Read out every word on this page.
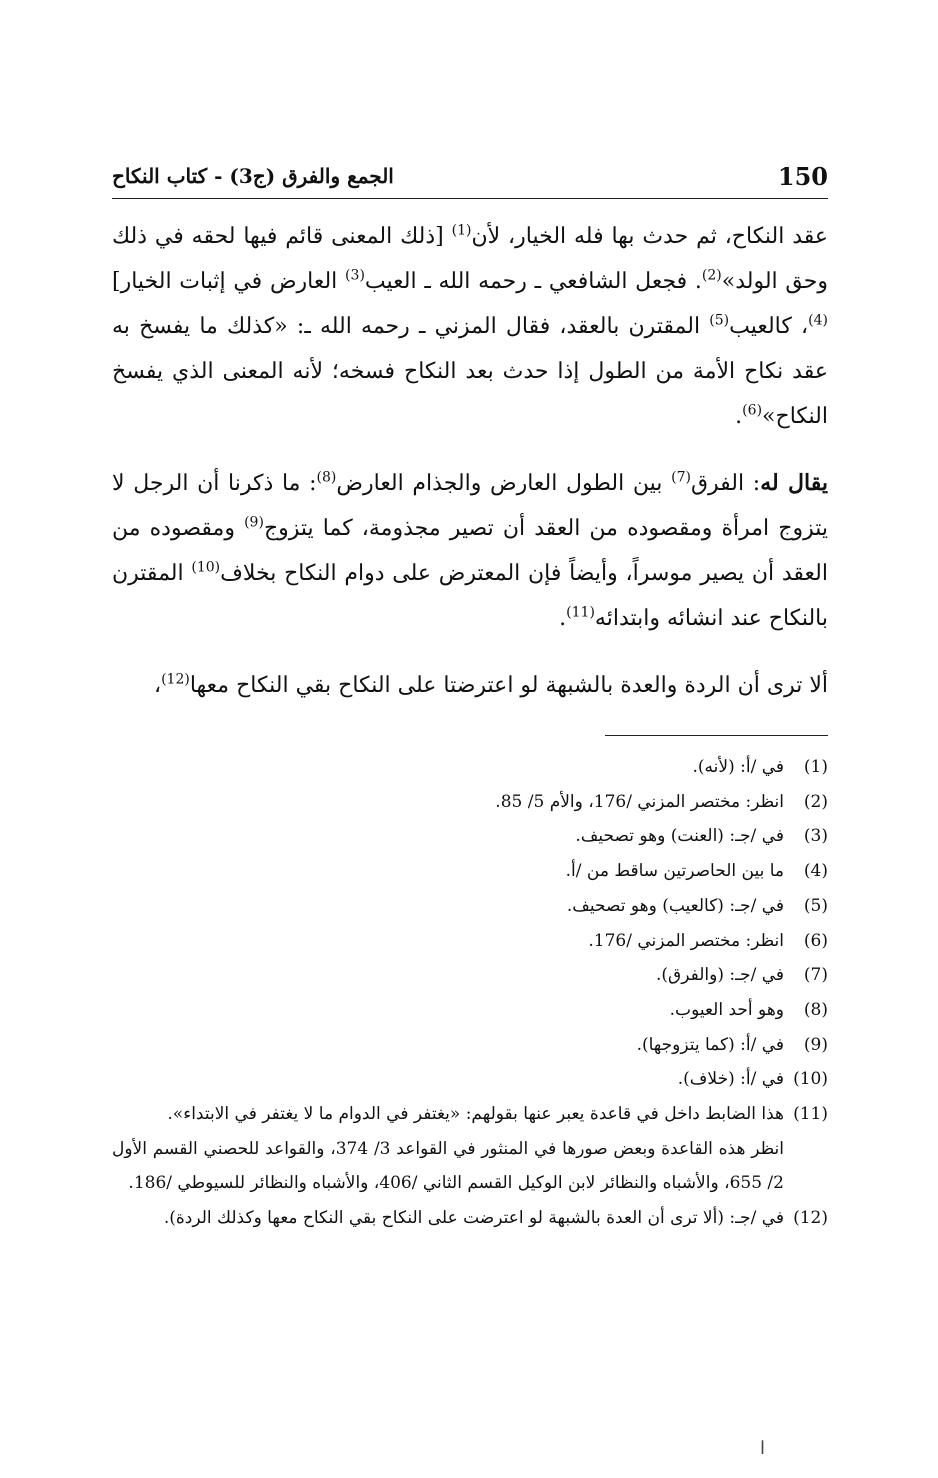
150
الجمع والفرق (ج3) - كتاب النكاح

عقد النكاح، ثم حدث بها فله الخيار، لأن$^{(1)}$ [ذلك المعنى قائم فيها لحقه في ذلك وحق الولد»$^{(2)}$. فجعل الشافعي ـ رحمه الله ـ العيب$^{(3)}$ العارض في إثبات الخيار]$^{(4)}$، كالعيب$^{(5)}$ المقترن بالعقد، فقال المزني ـ رحمه الله ـ: «كذلك ما يفسخ به عقد نكاح الأمة من الطول إذا حدث بعد النكاح فسخه؛ لأنه المعنى الذي يفسخ النكاح»$^{(6)}$.

يقال له: الفرق$^{(7)}$ بين الطول العارض والجذام العارض$^{(8)}$: ما ذكرنا أن الرجل لا يتزوج امرأة ومقصوده من العقد أن تصير مجذومة، كما يتزوج$^{(9)}$ ومقصوده من العقد أن يصير موسراً، وأيضاً فإن المعترض على دوام النكاح بخلاف$^{(10)}$ المقترن بالنكاح عند انشائه وابتدائه$^{(11)}$.

ألا ترى أن الردة والعدة بالشبهة لو اعترضتا على النكاح بقي النكاح معها$^{(12)}$،

(1)
في /أ: (لأنه).
(2)
انظر: مختصر المزني /176، والأم 5/ 85.
(3)
في /جـ: (العنت) وهو تصحيف.
(4)
ما بين الحاصرتين ساقط من /أ.
(5)
في /جـ: (كالعيب) وهو تصحيف.
(6)
انظر: مختصر المزني /176.
(7)
في /جـ: (والفرق).
(8)
وهو أحد العيوب.
(9)
في /أ: (كما يتزوجها).
(10)
في /أ: (خلاف).
(11)
هذا الضابط داخل في قاعدة يعبر عنها بقولهم: «يغتفر في الدوام ما لا يغتفر في الابتداء».
انظر هذه القاعدة وبعض صورها في المنثور في القواعد 3/ 374، والقواعد للحصني القسم الأول 2/ 655، والأشباه والنظائر لابن الوكيل القسم الثاني /406، والأشباه والنظائر للسيوطي /186.
(12)
في /جـ: (ألا ترى أن العدة بالشبهة لو اعترضت على النكاح بقي النكاح معها وكذلك الردة).
ا
